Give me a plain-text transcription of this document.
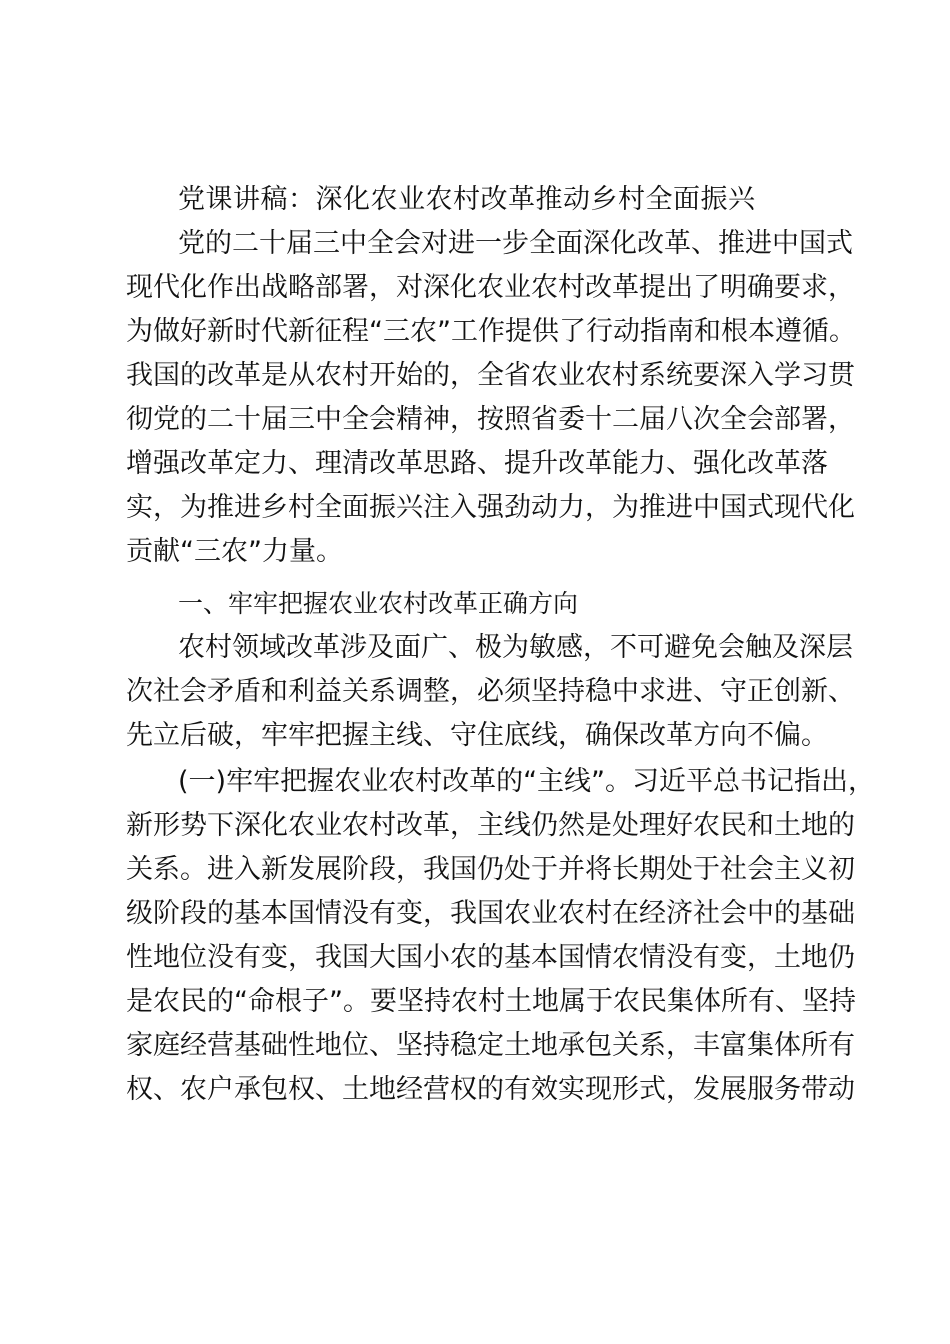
党课讲稿：深化农业农村改革推动乡村全面振兴
党的二十届三中全会对进一步全面深化改革、推进中国式
现代化作出战略部署，对深化农业农村改革提出了明确要求，
为做好新时代新征程“三农”工作提供了行动指南和根本遵循。
我国的改革是从农村开始的，全省农业农村系统要深入学习贯
彻党的二十届三中全会精神，按照省委十二届八次全会部署，
增强改革定力、理清改革思路、提升改革能力、强化改革落
实，为推进乡村全面振兴注入强劲动力，为推进中国式现代化
贡献“三农”力量。
一、牢牢把握农业农村改革正确方向
农村领域改革涉及面广、极为敏感，不可避免会触及深层
次社会矛盾和利益关系调整，必须坚持稳中求进、守正创新、
先立后破，牢牢把握主线、守住底线，确保改革方向不偏。
(一)牢牢把握农业农村改革的“主线”。习近平总书记指出，
新形势下深化农业农村改革，主线仍然是处理好农民和土地的
关系。进入新发展阶段，我国仍处于并将长期处于社会主义初
级阶段的基本国情没有变，我国农业农村在经济社会中的基础
性地位没有变，我国大国小农的基本国情农情没有变，土地仍
是农民的“命根子”。要坚持农村土地属于农民集体所有、坚持
家庭经营基础性地位、坚持稳定土地承包关系，丰富集体所有
权、农户承包权、土地经营权的有效实现形式，发展服务带动
